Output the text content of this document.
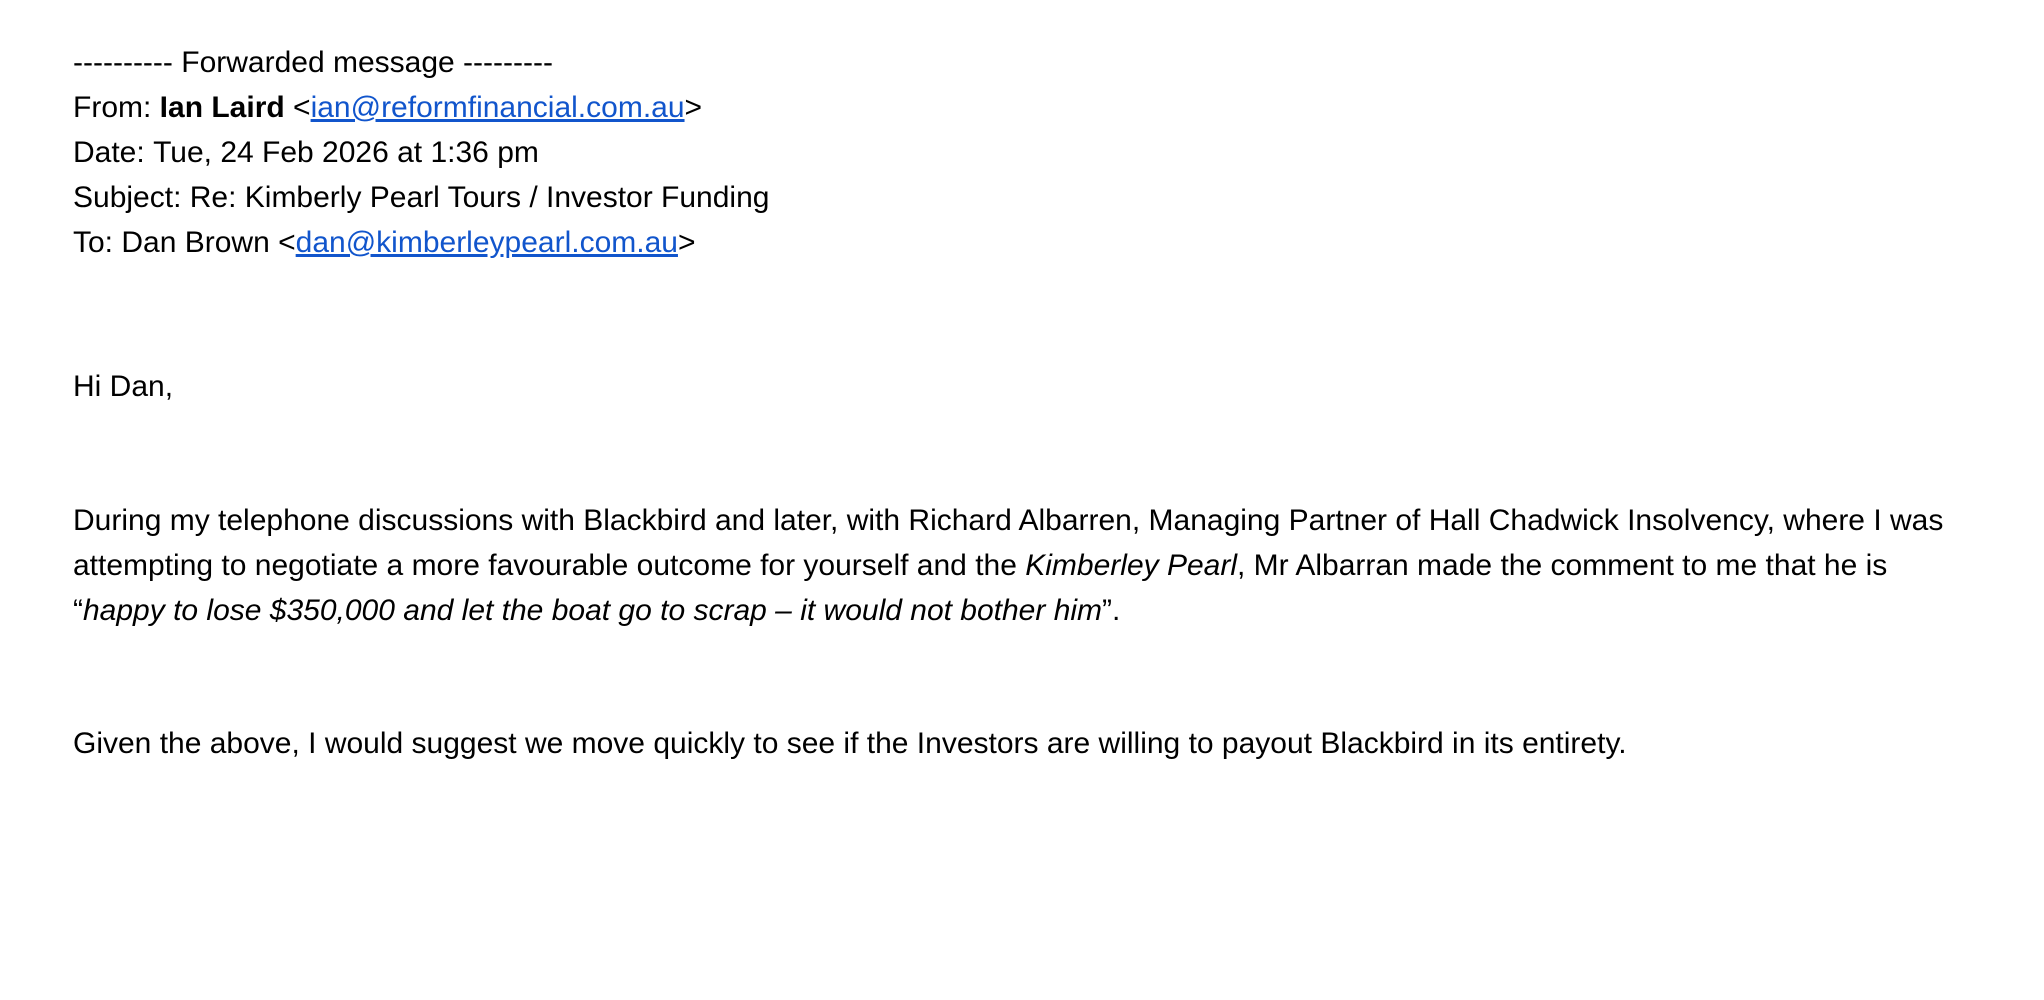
---------- Forwarded message ---------
From: Ian Laird <ian@reformfinancial.com.au>
Date: Tue, 24 Feb 2026 at 1:36 pm
Subject: Re: Kimberly Pearl Tours / Investor Funding
To: Dan Brown <dan@kimberleypearl.com.au>
Hi Dan,
During my telephone discussions with Blackbird and later, with Richard Albarren, Managing Partner of Hall Chadwick Insolvency, where I was attempting to negotiate a more favourable outcome for yourself and the Kimberley Pearl, Mr Albarran made the comment to me that he is “happy to lose $350,000 and let the boat go to scrap – it would not bother him”.
Given the above, I would suggest we move quickly to see if the Investors are willing to payout Blackbird in its entirety.
